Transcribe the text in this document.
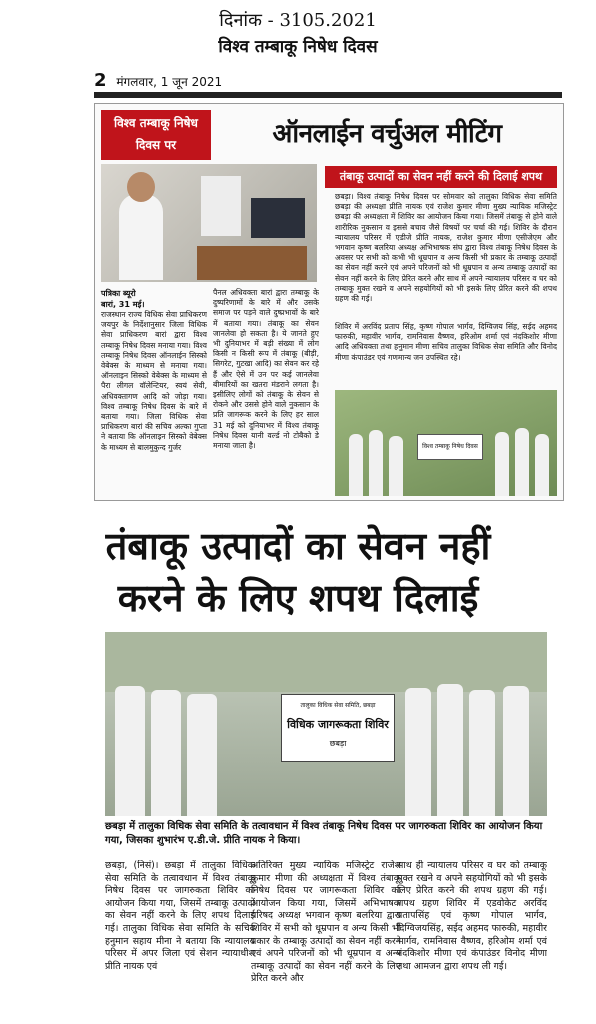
दिनांक - 3105.2021
विश्व तम्बाकू निषेध दिवस
2 मंगलवार, 1 जून 2021
विश्व तम्बाकू निषेध दिवस पर	ऑनलाईन वर्चुअल मीटिंग
तंबाकू उत्पादों का सेवन नहीं करने की दिलाई शपथ
पत्रिका ब्यूरो
बारां, 31 मई।
राजस्थान राज्य विधिक सेवा प्राधिकरण जयपुर के निर्देशानुसार जिला विधिक सेवा प्राधिकरण बारां द्वारा विश्व तम्बाकू निषेध दिवस मनाया गया। विश्व तम्बाकू निषेध दिवस ऑनलाईन सिस्को वेबेक्स के माध्यम से मनाया गया। ऑनलाइन सिस्को वेबेक्स के माध्यम से पैरा लीगल वॉलेन्टियर, स्वयं सेवी, अधिवक्तागण आदि को जोड़ा गया। विश्व तम्बाकू निषेध दिवस के बारे में बताया गया। जिला विधिक सेवा प्राधिकरण बारां की सचिव अल्का गुप्ता ने बताया कि ऑनलाइन सिस्को वेबेक्स के माध्यम से बालमुकुन्द गुर्जर
पैनल अधिवक्ता बारां द्वारा तम्बाकू के दुष्परिणामों के बारे में और उसके समाज पर पड़ने वाले दुष्प्रभावों के बारे में बताया गया। तंबाकू का सेवन जानलेवा हो सकता है। ये जानते हुए भी दुनियाभर में बड़ी संख्या में लोग किसी न किसी रूप में तंबाकू (बीड़ी, सिगरेट, गुटखा आदि) का सेवन कर रहे हैं और ऐसे में उन पर कई जानलेवा बीमारियों का खतरा मंडराने लगता है। इसीलिए लोगों को तंबाकू के सेवन से रोकने और उससे होने वाले नुकसान के प्रति जागरूक करने के लिए हर साल 31 मई को दुनियाभर में विश्व तंबाकू निषेध दिवस यानी वर्ल्ड नो टोबैको डे मनाया जाता है।
छबड़ा। विश्व तंबाकू निषेध दिवस पर सोमवार को तालुका विधिक सेवा समिति छबड़ा की अध्यक्षा प्रीति नायक एवं राजेश कुमार मीणा मुख्य न्यायिक मजिस्ट्रेट छबड़ा की अध्यक्षता में शिविर का आयोजन किया गया। जिसमें तंबाकू से होने वाले शारीरिक नुकसान व इससे बचाव जैसे विषयों पर चर्चा की गई। शिविर के दौरान न्यायालय परिसर में एडीजे प्रीति नायक, राजेश कुमार मीणा एसीजेएम और भगवान कृष्ण बलरिया अध्यक्ष अभिभाषक संघ द्वारा विश्व तंबाकू निषेध दिवस के अवसर पर सभी को कभी भी धूम्रपान व अन्य किसी भी प्रकार के तम्बाकू उत्पादों का सेवन नहीं करने एवं अपने परिजनों को भी धूम्रपान व अन्य तम्बाकू उत्पादों का सेवन नहीं करने के लिए प्रेरित करने और साथ में अपने न्यायालय परिसर व घर को तम्बाकू मुक्त रखने व अपने सहयोगियों को भी इसके लिए प्रेरित करने की शपथ ग्रहण की गई।
शिविर में अरविंद प्रताप सिंह, कृष्ण गोपाल भार्गव, दिग्विजय सिंह, सईद अहमद फारुकी, महावीर भार्गव, रामनिवास वैष्णव, हरिओम शर्मा एवं नंदकिशोर मीणा आदि अधिवक्ता तथा हनुमान मीणा सचिव तालुका विधिक सेवा समिति और विनोद मीणा कंपाउंडर एवं गणमान्य जन उपस्थित रहे।
विश्व तम्बाकू निषेध दिवस
तंबाकू उत्पादों का सेवन नहीं
करने के लिए शपथ दिलाई
तालुका विधिक सेवा समिति, छबड़ा
विधिक जागरूकता शिविर
छबड़ा
छबड़ा में तालुका विधिक सेवा समिति के तत्वावधान में विश्व तंबाकू निषेध दिवस पर जागरुकता शिविर का आयोजन किया गया, जिसका शुभारंभ ए.डी.जे. प्रीति नायक ने किया।
छबड़ा, (निसं)। छबड़ा में तालुका विधिक सेवा समिति के तत्वावधान में विश्व तंबाकू निषेध दिवस पर जागरुकता शिविर का आयोजन किया गया, जिसमें तम्बाकू उत्पादों का सेवन नहीं करने के लिए शपथ दिलाई गई। तालुका विधिक सेवा समिति के सचिव हनुमान सहाय मीना ने बताया कि न्यायालय परिसर में अपर जिला एवं सेशन न्यायाधीश प्रीति नायक एवं
अतिरिक्त मुख्य न्यायिक मजिस्ट्रेट राजेश कुमार मीणा की अध्यक्षता में विश्व तंबाकू निषेध दिवस पर जागरूकता शिविर का आयोजन किया गया, जिसमें अभिभाषक परिषद अध्यक्ष भगवान कृष्ण बलरिया द्वारा शिविर में सभी को धूम्रपान व अन्य किसी भी प्रकार के तम्बाकू उत्पादों का सेवन नहीं करने एवं अपने परिजनों को भी धूम्रपान व अन्य तम्बाकू उत्पादों का सेवन नहीं करने के लिए प्रेरित करने और
साथ ही न्यायालय परिसर व घर को तम्बाकू मुक्त रखने व अपने सहयोगियों को भी इसके लिए प्रेरित करने की शपथ ग्रहण की गई। शपथ ग्रहण शिविर में एडवोकेट अरविंद प्रतापसिंह एवं कृष्ण गोपाल भार्गव, दिग्विजयसिंह, सईद अहमद फारुकी, महावीर भार्गव, रामनिवास वैष्णव, हरिओम शर्मा एवं नंदकिशोर मीणा एवं कंपाउंडर विनोद मीणा तथा आमजन द्वारा शपथ ली गई।
